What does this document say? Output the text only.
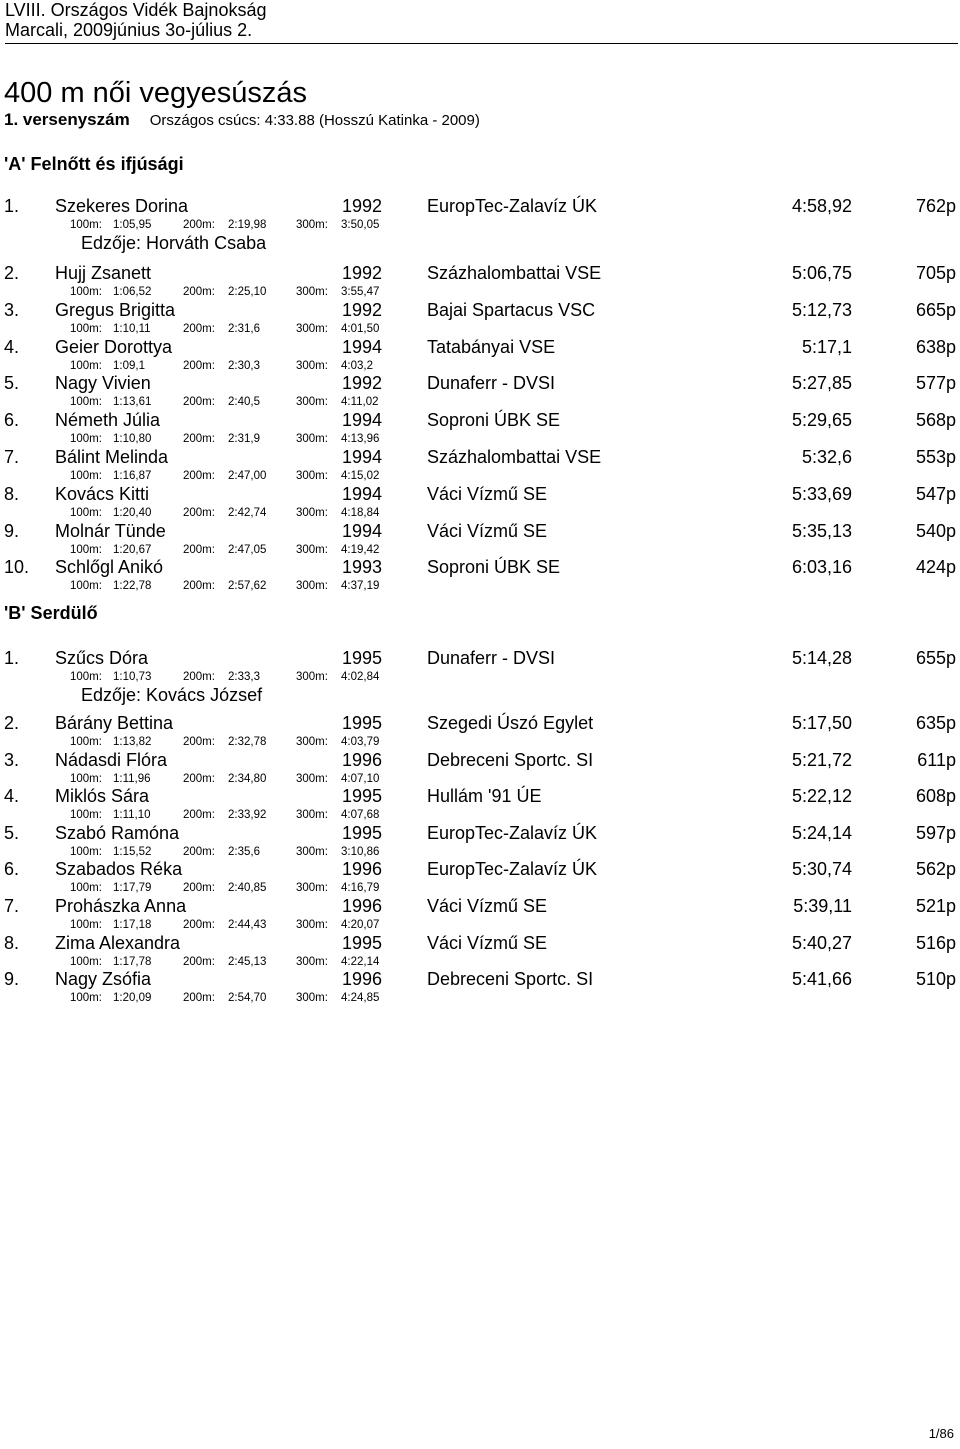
LVIII. Országos Vidék Bajnokság
Marcali, 2009június 3o-július 2.
400 m női vegyesúszás
1. versenyszám Országos csúcs: 4:33.88 (Hosszú Katinka - 2009)
'A' Felnőtt és ifjúsági
1. Szekeres Dorina	1992	EuropTec-Zalavíz ÚK	4:58,92	762p
100m: 1:05,95	200m: 2:19,98	300m: 3:50,05
Edzője: Horváth Csaba
2. Hujj Zsanett	1992	Százhalombattai VSE	5:06,75	705p
100m: 1:06,52	200m: 2:25,10	300m: 3:55,47
3. Gregus Brigitta	1992	Bajai Spartacus VSC	5:12,73	665p
100m: 1:10,11	200m: 2:31,6	300m: 4:01,50
4. Geier Dorottya	1994	Tatabányai VSE	5:17,1	638p
100m: 1:09,1	200m: 2:30,3	300m: 4:03,2
5. Nagy Vivien	1992	Dunaferr - DVSI	5:27,85	577p
100m: 1:13,61	200m: 2:40,5	300m: 4:11,02
6. Németh Júlia	1994	Soproni ÚBK SE	5:29,65	568p
100m: 1:10,80	200m: 2:31,9	300m: 4:13,96
7. Bálint Melinda	1994	Százhalombattai VSE	5:32,6	553p
100m: 1:16,87	200m: 2:47,00	300m: 4:15,02
8. Kovács Kitti	1994	Váci Vízmű SE	5:33,69	547p
100m: 1:20,40	200m: 2:42,74	300m: 4:18,84
9. Molnár Tünde	1994	Váci Vízmű SE	5:35,13	540p
100m: 1:20,67	200m: 2:47,05	300m: 4:19,42
10. Schlőgl Anikó	1993	Soproni ÚBK SE	6:03,16	424p
100m: 1:22,78	200m: 2:57,62	300m: 4:37,19
'B' Serdülő
1. Szűcs Dóra	1995	Dunaferr - DVSI	5:14,28	655p
100m: 1:10,73	200m: 2:33,3	300m: 4:02,84
Edzője: Kovács József
2. Bárány Bettina	1995	Szegedi Úszó Egylet	5:17,50	635p
100m: 1:13,82	200m: 2:32,78	300m: 4:03,79
3. Nádasdi Flóra	1996	Debreceni Sportc. SI	5:21,72	611p
100m: 1:11,96	200m: 2:34,80	300m: 4:07,10
4. Miklós Sára	1995	Hullám '91 ÚE	5:22,12	608p
100m: 1:11,10	200m: 2:33,92	300m: 4:07,68
5. Szabó Ramóna	1995	EuropTec-Zalavíz ÚK	5:24,14	597p
100m: 1:15,52	200m: 2:35,6	300m: 3:10,86
6. Szabados Réka	1996	EuropTec-Zalavíz ÚK	5:30,74	562p
100m: 1:17,79	200m: 2:40,85	300m: 4:16,79
7. Prohászka Anna	1996	Váci Vízmű SE	5:39,11	521p
100m: 1:17,18	200m: 2:44,43	300m: 4:20,07
8. Zima Alexandra	1995	Váci Vízmű SE	5:40,27	516p
100m: 1:17,78	200m: 2:45,13	300m: 4:22,14
9. Nagy Zsófia	1996	Debreceni Sportc. SI	5:41,66	510p
100m: 1:20,09	200m: 2:54,70	300m: 4:24,85
1/86
